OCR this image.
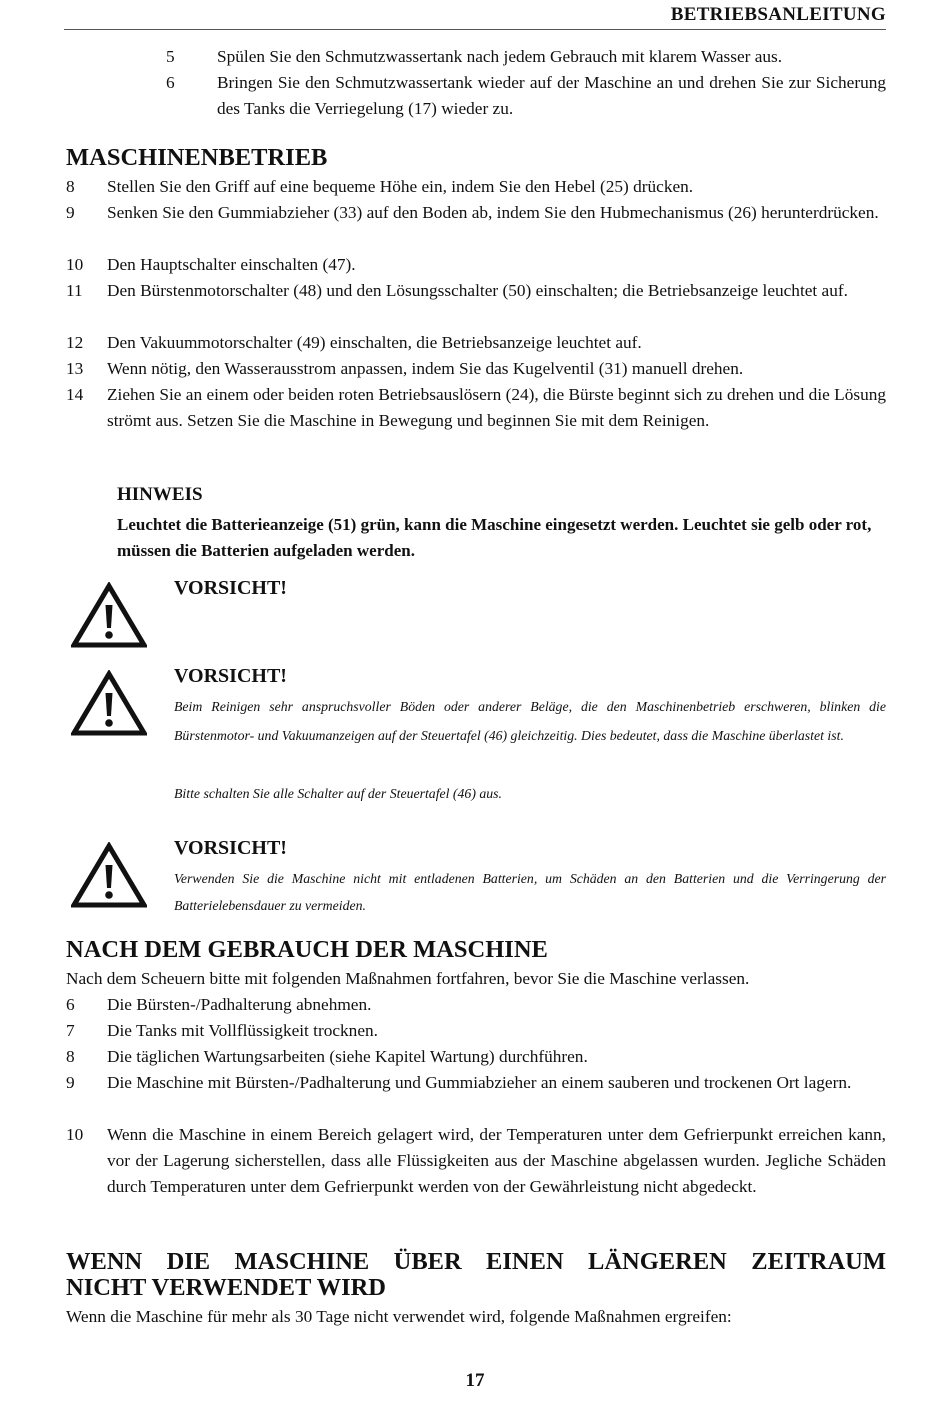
BETRIEBSANLEITUNG
5 Spülen Sie den Schmutzwassertank nach jedem Gebrauch mit klarem Wasser aus.
6 Bringen Sie den Schmutzwassertank wieder auf der Maschine an und drehen Sie zur Sicherung des Tanks die Verriegelung (17) wieder zu.
MASCHINENBETRIEB
8 Stellen Sie den Griff auf eine bequeme Höhe ein, indem Sie den Hebel (25) drücken.
9 Senken Sie den Gummiabzieher (33) auf den Boden ab, indem Sie den Hubmechanismus (26) herunterdrücken.
10 Den Hauptschalter einschalten (47).
11 Den Bürstenmotorschalter (48) und den Lösungsschalter (50) einschalten; die Betriebsanzeige leuchtet auf.
12 Den Vakuummotorschalter (49) einschalten, die Betriebsanzeige leuchtet auf.
13 Wenn nötig, den Wasserausstrom anpassen, indem Sie das Kugelventil (31) manuell drehen.
14 Ziehen Sie an einem oder beiden roten Betriebsauslösern (24), die Bürste beginnt sich zu drehen und die Lösung strömt aus. Setzen Sie die Maschine in Bewegung und beginnen Sie mit dem Reinigen.
HINWEIS
Leuchtet die Batterieanzeige (51) grün, kann die Maschine eingesetzt werden. Leuchtet sie gelb oder rot, müssen die Batterien aufgeladen werden.
VORSICHT!
VORSICHT!
Beim Reinigen sehr anspruchsvoller Böden oder anderer Beläge, die den Maschinenbetrieb erschweren, blinken die Bürstenmotor- und Vakuumanzeigen auf der Steuertafel (46) gleichzeitig. Dies bedeutet, dass die Maschine überlastet ist.
Bitte schalten Sie alle Schalter auf der Steuertafel (46) aus.
VORSICHT!
Verwenden Sie die Maschine nicht mit entladenen Batterien, um Schäden an den Batterien und die Verringerung der Batterielebensdauer zu vermeiden.
NACH DEM GEBRAUCH DER MASCHINE
Nach dem Scheuern bitte mit folgenden Maßnahmen fortfahren, bevor Sie die Maschine verlassen.
6 Die Bürsten-/Padhalterung abnehmen.
7 Die Tanks mit Vollflüssigkeit trocknen.
8 Die täglichen Wartungsarbeiten (siehe Kapitel Wartung) durchführen.
9 Die Maschine mit Bürsten-/Padhalterung und Gummiabzieher an einem sauberen und trockenen Ort lagern.
10 Wenn die Maschine in einem Bereich gelagert wird, der Temperaturen unter dem Gefrierpunkt erreichen kann, vor der Lagerung sicherstellen, dass alle Flüssigkeiten aus der Maschine abgelassen wurden. Jegliche Schäden durch Temperaturen unter dem Gefrierpunkt werden von der Gewährleistung nicht abgedeckt.
WENN DIE MASCHINE ÜBER EINEN LÄNGEREN ZEITRAUM
NICHT VERWENDET WIRD
Wenn die Maschine für mehr als 30 Tage nicht verwendet wird, folgende Maßnahmen ergreifen:
17
